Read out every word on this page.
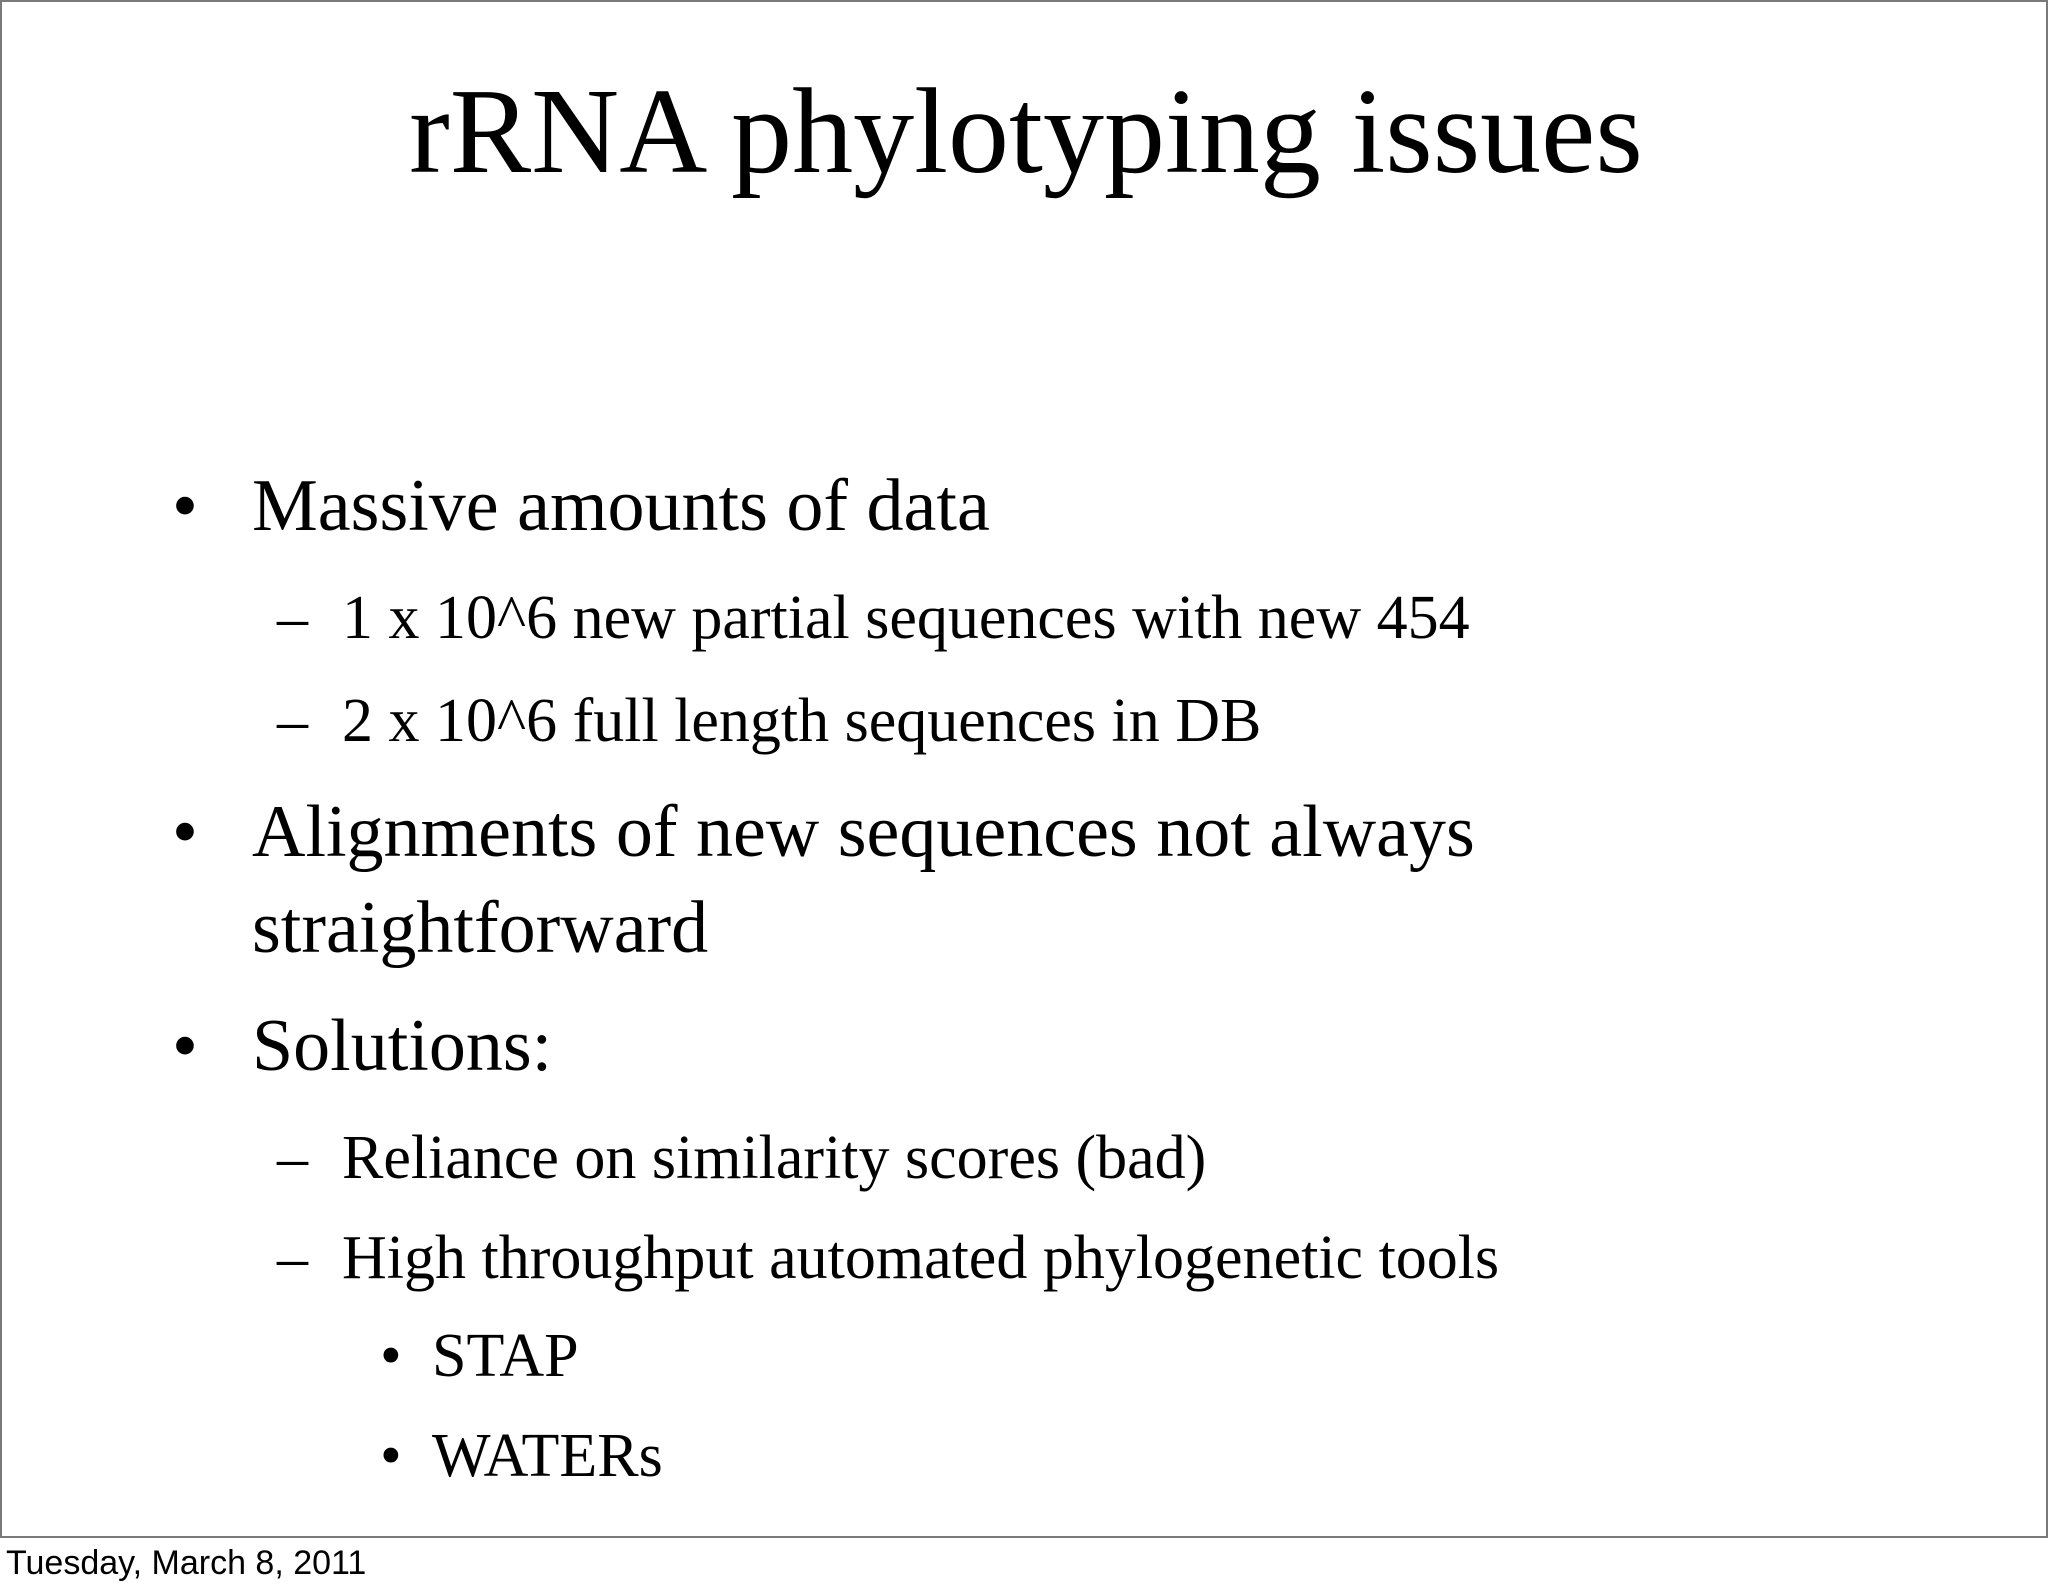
rRNA phylotyping issues
• Massive amounts of data
– 1 x 10^6 new partial sequences with new 454
– 2 x 10^6 full length sequences in DB
• Alignments of new sequences not always
straightforward
• Solutions:
– Reliance on similarity scores (bad)
– High throughput automated phylogenetic tools
• STAP
• WATERs
Tuesday, March 8, 2011
